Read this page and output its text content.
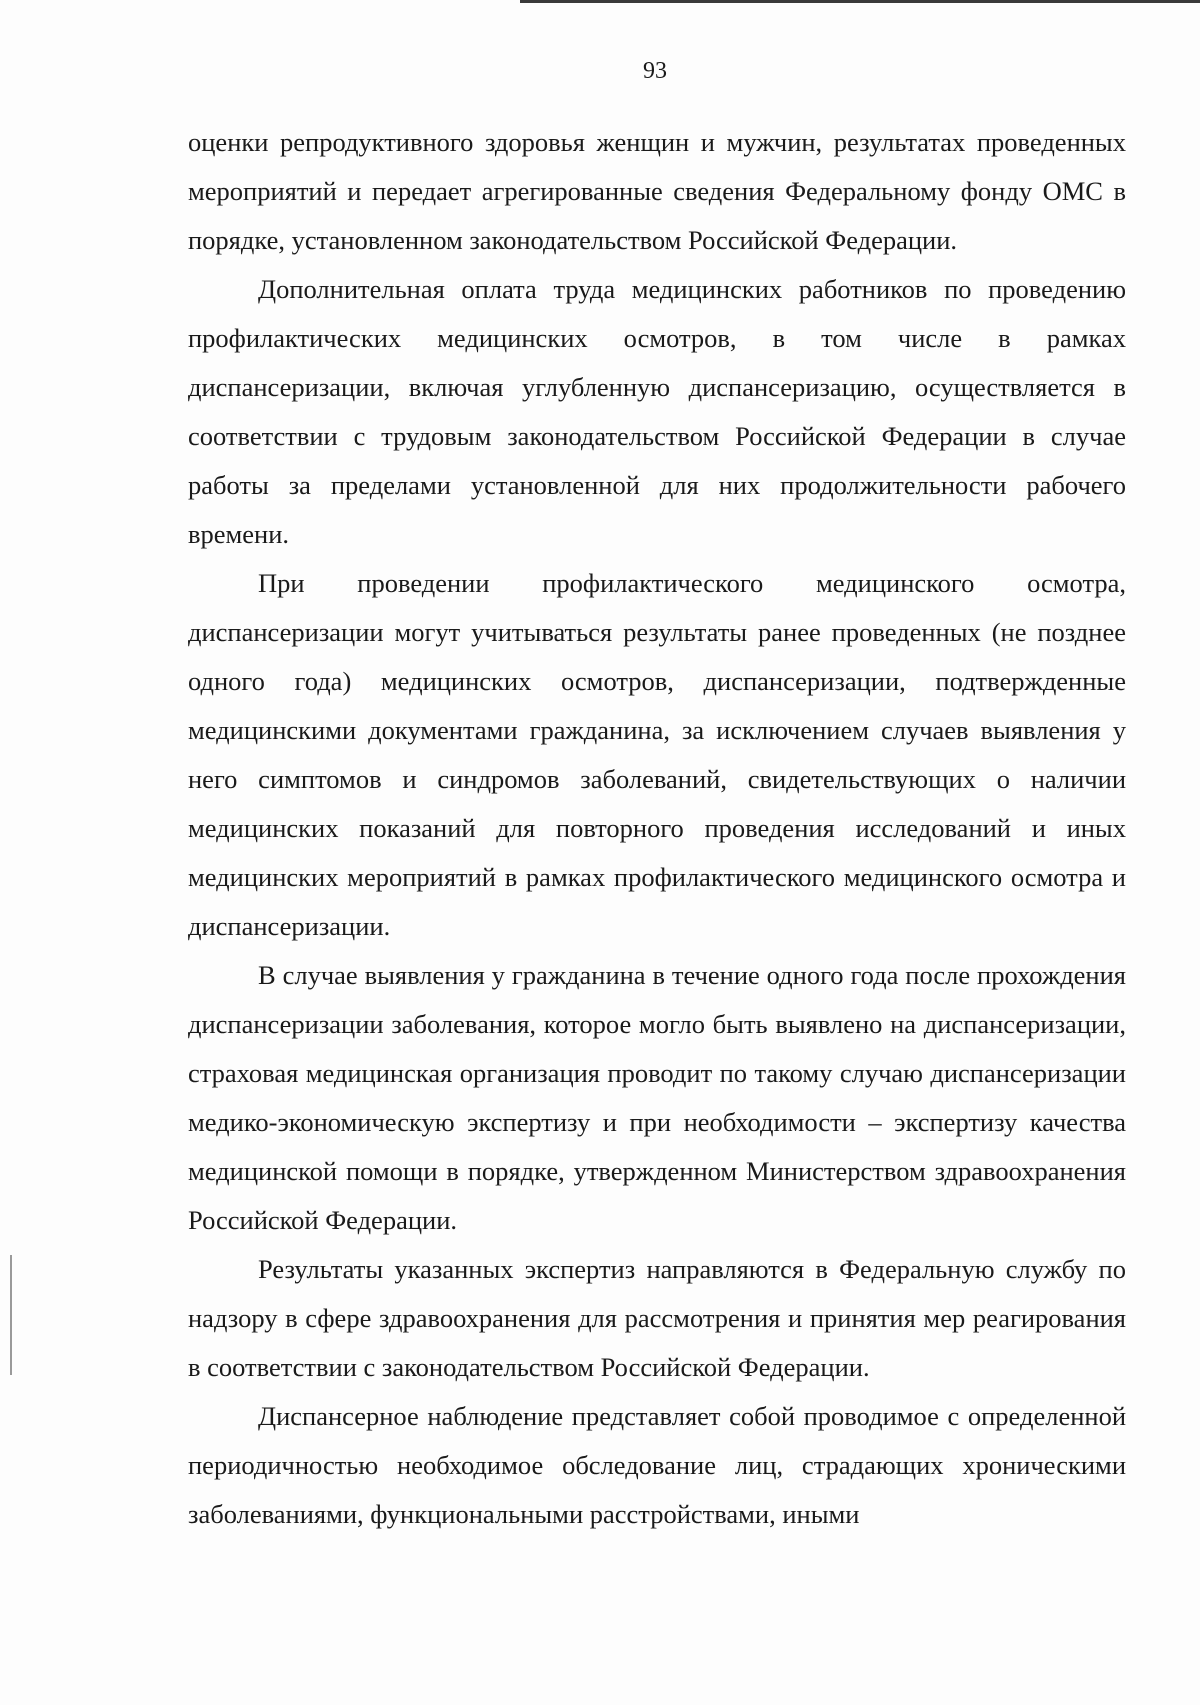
93

оценки репродуктивного здоровья женщин и мужчин, результатах проведенных мероприятий и передает агрегированные сведения Федеральному фонду ОМС в порядке, установленном законодательством Российской Федерации.

Дополнительная оплата труда медицинских работников по проведению профилактических медицинских осмотров, в том числе в рамках диспансеризации, включая углубленную диспансеризацию, осуществляется в соответствии с трудовым законодательством Российской Федерации в случае работы за пределами установленной для них продолжительности рабочего времени.

При проведении профилактического медицинского осмотра, диспансеризации могут учитываться результаты ранее проведенных (не позднее одного года) медицинских осмотров, диспансеризации, подтвержденные медицинскими документами гражданина, за исключением случаев выявления у него симптомов и синдромов заболеваний, свидетельствующих о наличии медицинских показаний для повторного проведения исследований и иных медицинских мероприятий в рамках профилактического медицинского осмотра и диспансеризации.

В случае выявления у гражданина в течение одного года после прохождения диспансеризации заболевания, которое могло быть выявлено на диспансеризации, страховая медицинская организация проводит по такому случаю диспансеризации медико-экономическую экспертизу и при необходимости – экспертизу качества медицинской помощи в порядке, утвержденном Министерством здравоохранения Российской Федерации.

Результаты указанных экспертиз направляются в Федеральную службу по надзору в сфере здравоохранения для рассмотрения и принятия мер реагирования в соответствии с законодательством Российской Федерации.

Диспансерное наблюдение представляет собой проводимое с определенной периодичностью необходимое обследование лиц, страдающих хроническими заболеваниями, функциональными расстройствами, иными
